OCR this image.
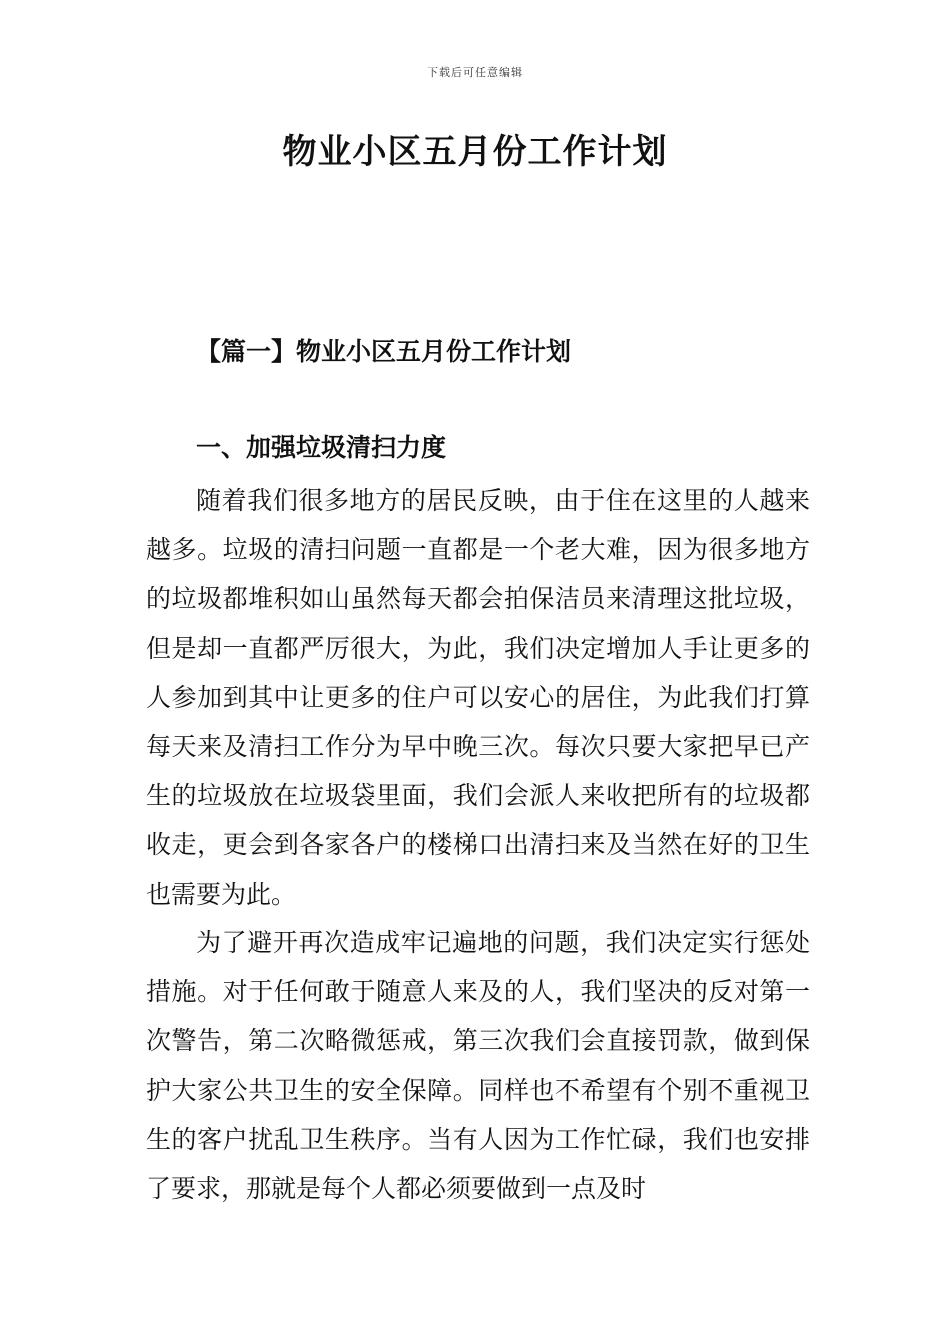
下载后可任意编辑
物业小区五月份工作计划
【篇一】物业小区五月份工作计划
一、加强垃圾清扫力度

随着我们很多地方的居民反映，由于住在这里的人越来越多。垃圾的清扫问题一直都是一个老大难，因为很多地方的垃圾都堆积如山虽然每天都会拍保洁员来清理这批垃圾，但是却一直都严厉很大，为此，我们决定增加人手让更多的人参加到其中让更多的住户可以安心的居住，为此我们打算每天来及清扫工作分为早中晚三次。每次只要大家把早已产生的垃圾放在垃圾袋里面，我们会派人来收把所有的垃圾都收走，更会到各家各户的楼梯口出清扫来及当然在好的卫生也需要为此。

为了避开再次造成牢记遍地的问题，我们决定实行惩处措施。对于任何敢于随意人来及的人，我们坚决的反对第一次警告，第二次略微惩戒，第三次我们会直接罚款，做到保护大家公共卫生的安全保障。同样也不希望有个别不重视卫生的客户扰乱卫生秩序。当有人因为工作忙碌，我们也安排了要求，那就是每个人都必须要做到一点及时
